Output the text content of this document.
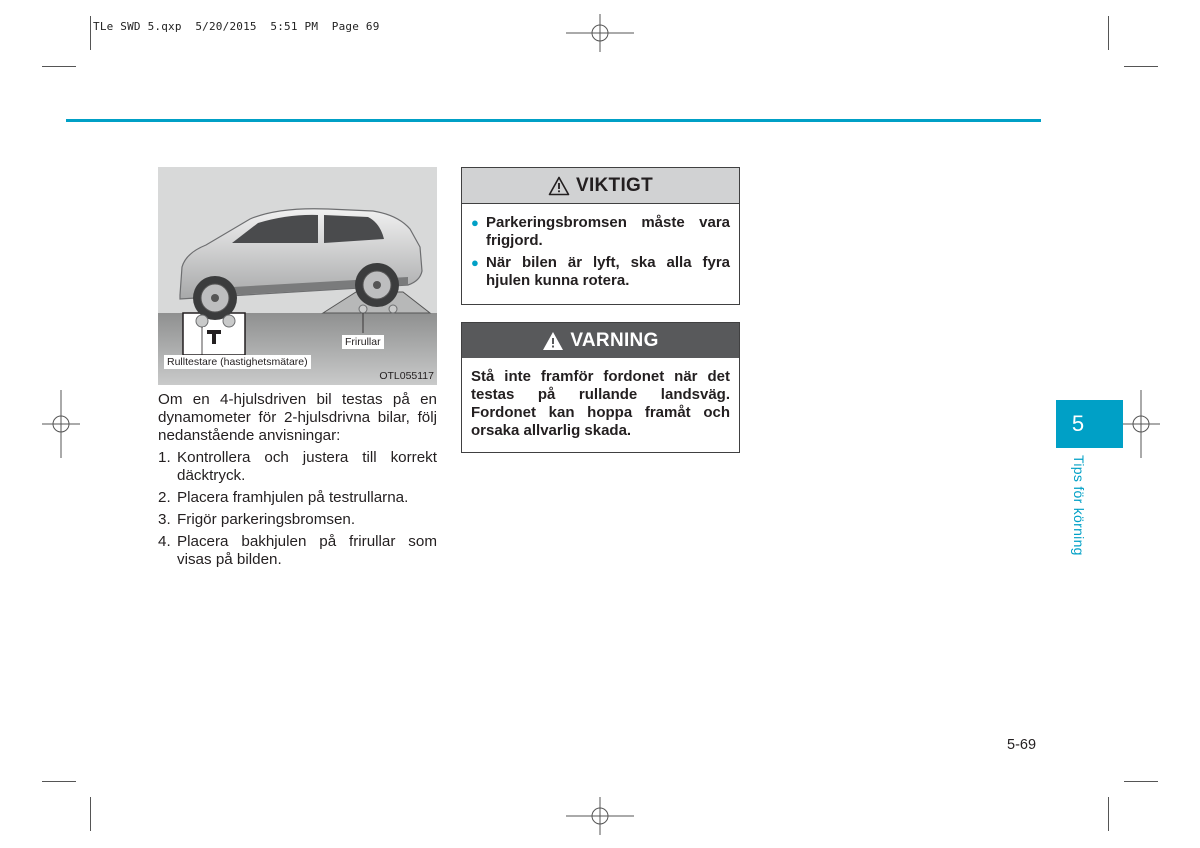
TLe SWD 5.qxp  5/20/2015  5:51 PM  Page 69
Rulltestare (hastighetsmätare)
Frirullar
OTL055117

Om en 4-hjulsdriven bil testas på en dynamometer för 2-hjulsdrivna bilar, följ nedanstående anvisningar:

1. Kontrollera och justera till korrekt däcktryck.
2. Placera framhjulen på testrullarna.
3. Frigör parkeringsbromsen.
4. Placera bakhjulen på frirullar som visas på bilden.
VIKTIGT
● Parkeringsbromsen måste vara frigjord.
● När bilen är lyft, ska alla fyra hjulen kunna rotera.
VARNING
Stå inte framför fordonet när det testas på rullande landsväg. Fordonet kan hoppa framåt och orsaka allvarlig skada.	5
Tips för körning
5-69
